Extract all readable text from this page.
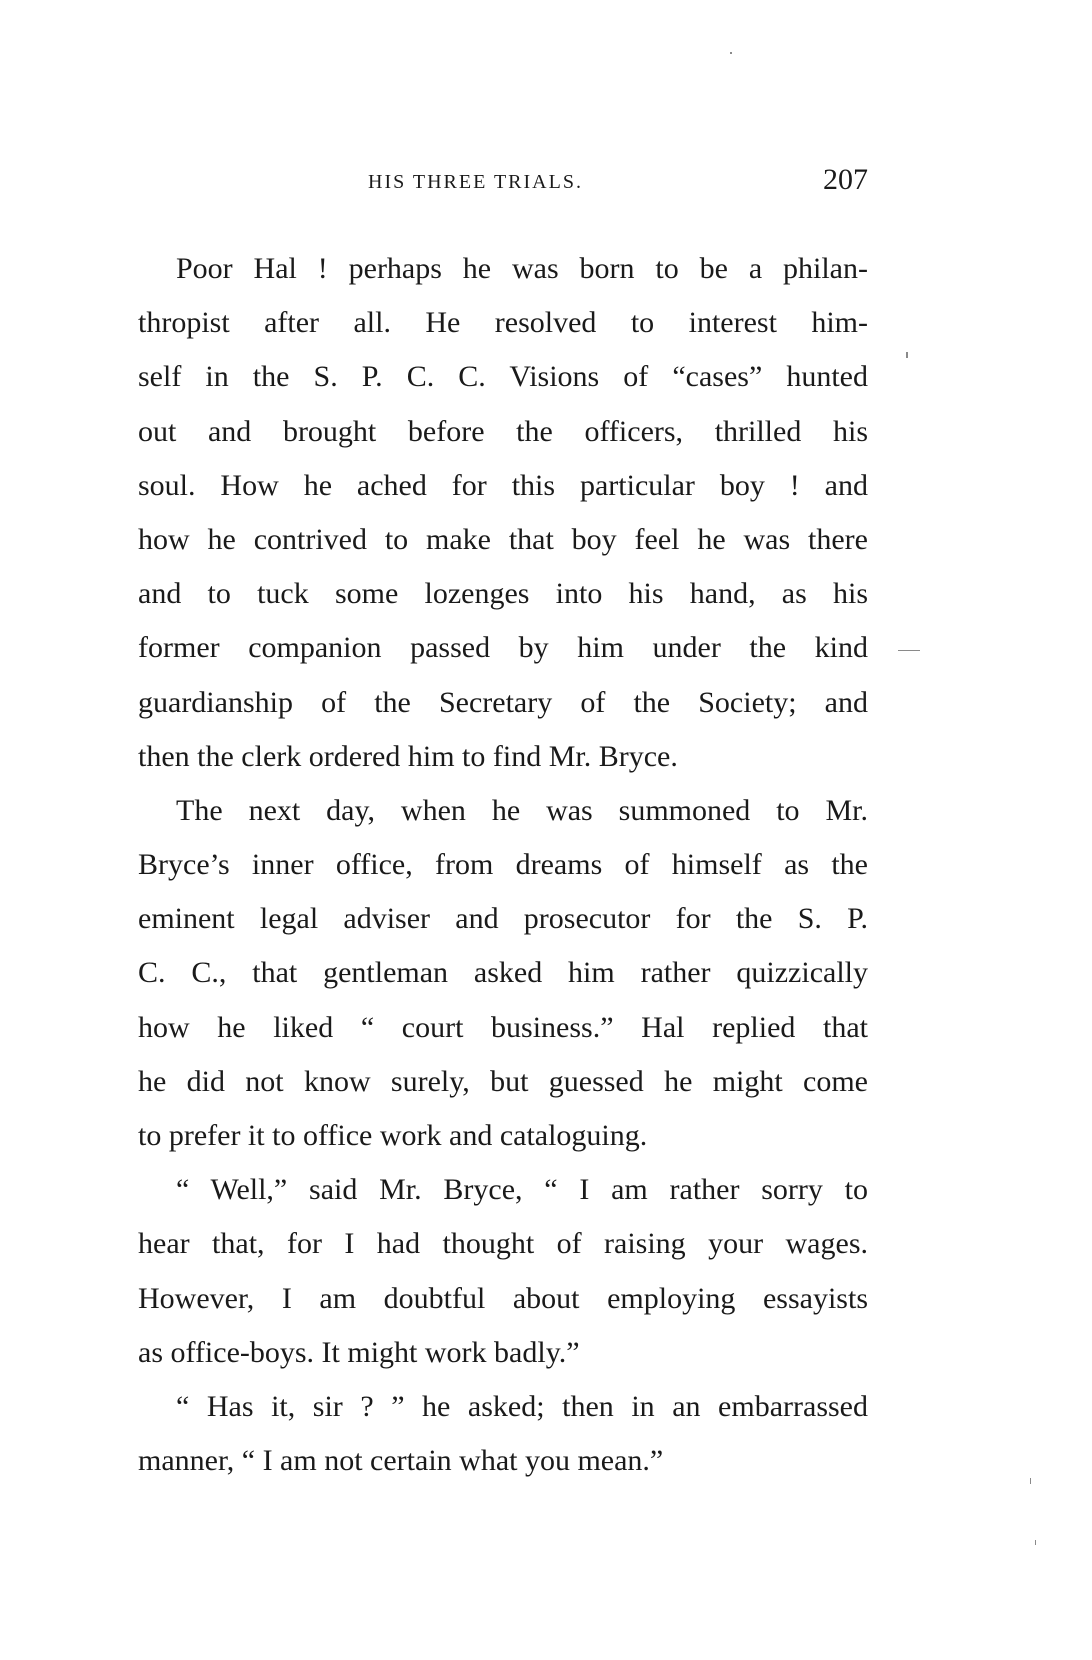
HIS THREE TRIALS.	207
Poor Hal ! perhaps he was born to be a philan-
thropist after all. He resolved to interest him-
self in the S. P. C. C. Visions of “cases” hunted
out and brought before the officers, thrilled his
soul. How he ached for this particular boy ! and
how he contrived to make that boy feel he was there
and to tuck some lozenges into his hand, as his
former companion passed by him under the kind
guardianship of the Secretary of the Society; and
then the clerk ordered him to find Mr. Bryce.
The next day, when he was summoned to Mr.
Bryce’s inner office, from dreams of himself as the
eminent legal adviser and prosecutor for the S. P.
C. C., that gentleman asked him rather quizzically
how he liked “ court business.” Hal replied that
he did not know surely, but guessed he might come
to prefer it to office work and cataloguing.
“ Well,” said Mr. Bryce, “ I am rather sorry to
hear that, for I had thought of raising your wages.
However, I am doubtful about employing essayists
as office-boys. It might work badly.”
“ Has it, sir ? ” he asked; then in an embarrassed
manner, “ I am not certain what you mean.”
